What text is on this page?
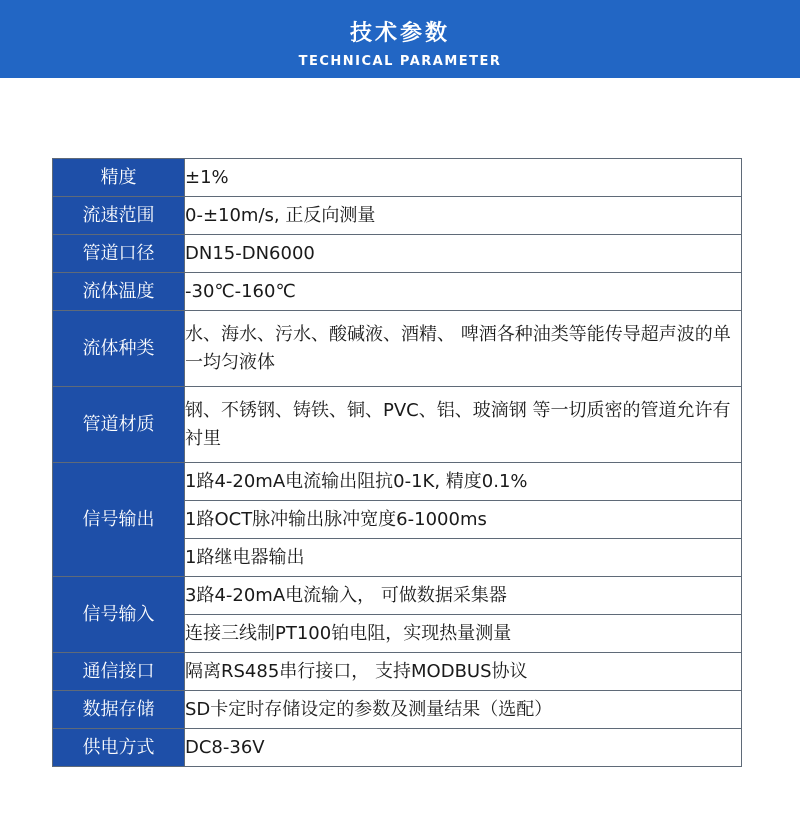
技术参数
TECHNICAL PARAMETER
精度	±1%
流速范围	0-±10m/s, 正反向测量
管道口径	DN15-DN6000
流体温度	-30℃-160℃
流体种类	水、海水、污水、酸碱液、酒精、 啤酒各种油类等能传导超声波的单一均匀液体
管道材质	钢、不锈钢、铸铁、铜、PVC、铝、玻滴钢 等一切质密的管道允许有衬里
信号输出	1路4-20mA电流输出阻抗0-1K, 精度0.1%
	1路OCT脉冲输出脉冲宽度6-1000ms
	1路继电器输出
信号输入	3路4-20mA电流输入， 可做数据采集器
	连接三线制PT100铂电阻，实现热量测量
通信接口	隔离RS485串行接口， 支持MODBUS协议
数据存储	SD卡定时存储设定的参数及测量结果（选配）
供电方式	DC8-36V
